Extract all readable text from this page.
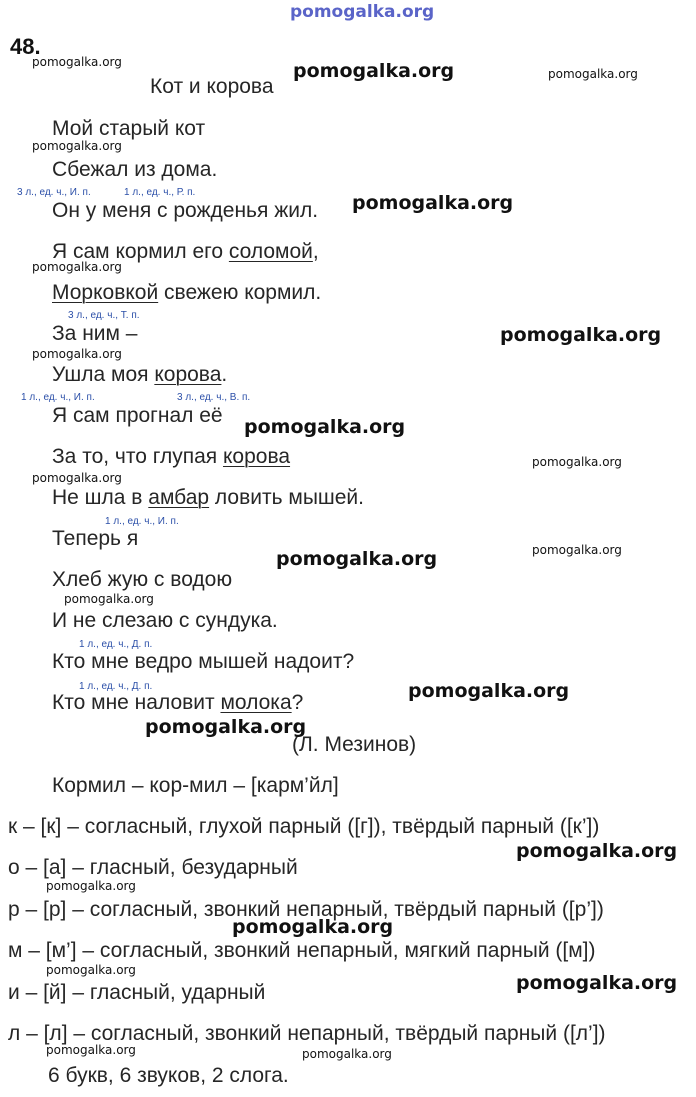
pomogalka.org
48.
Кот и корова
Мой старый кот
Сбежал из дома.
Он у меня с рожденья жил.
Я сам кормил его соломой,
Морковкой свежею кормил.
За ним –
Ушла моя корова.
Я сам прогнал её
За то, что глупая корова
Не шла в амбар ловить мышей.
Теперь я
Хлеб жую с водою
И не слезаю с сундука.
Кто мне ведро мышей надоит?
Кто мне наловит молока?
(Л. Мезинов)
3 л., ед. ч., И. п.	1 л., ед. ч., Р. п.
3 л., ед. ч., Т. п.
1 л., ед. ч., И. п.	3 л., ед. ч., В. п.
1 л., ед. ч., И. п.
1 л., ед. ч., Д. п.
1 л., ед. ч., Д. п.
Кормил – кор-мил – [карм’йл]
к – [к] – согласный, глухой парный ([г]), твёрдый парный ([к’])
о – [а] – гласный, безударный
р – [р] – согласный, звонкий непарный, твёрдый парный ([р’])
м – [м’] – согласный, звонкий непарный, мягкий парный ([м])
и – [й] – гласный, ударный
л – [л] – согласный, звонкий непарный, твёрдый парный ([л’])
6 букв, 6 звуков, 2 слога.
pomogalka.org
pomogalka.org
pomogalka.org
pomogalka.org
pomogalka.org
pomogalka.org
pomogalka.org
pomogalka.org
pomogalka.org
pomogalka.org
pomogalka.org
pomogalka.org
pomogalka.org
pomogalka.org
pomogalka.org
pomogalka.org
pomogalka.org
pomogalka.org
pomogalka.org
pomogalka.org
pomogalka.org
pomogalka.org	pomogalka.org
